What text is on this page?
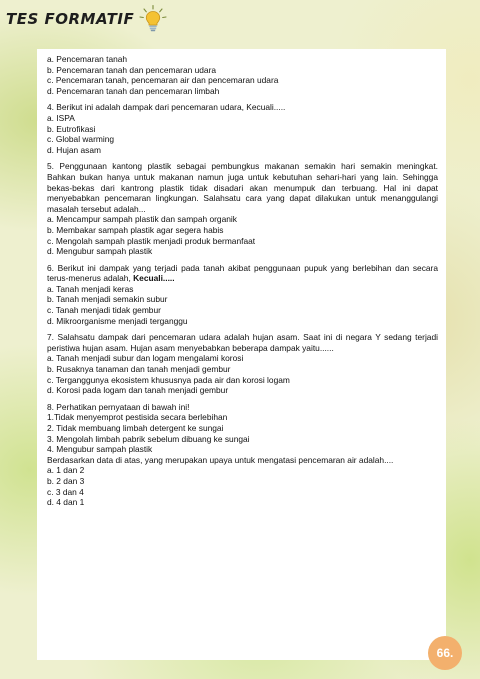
TES FORMATIF
a. Pencemaran tanah
b. Pencemaran tanah dan pencemaran udara
c. Pencemaran tanah, pencemaran air dan pencemaran udara
d. Pencemaran tanah dan pencemaran limbah
4. Berikut ini adalah dampak dari pencemaran udara, Kecuali.....
a. ISPA
b. Eutrofikasi
c. Global warming
d. Hujan asam
5. Penggunaan kantong plastik sebagai pembungkus makanan semakin hari semakin meningkat. Bahkan bukan hanya untuk makanan namun juga untuk kebutuhan sehari-hari yang lain. Sehingga bekas-bekas dari kantrong plastik tidak disadari akan menumpuk dan terbuang. Hal ini dapat menyebabkan pencemaran lingkungan. Salahsatu cara yang dapat dilakukan untuk menanggulangi masalah tersebut adalah...
a. Mencampur sampah plastik dan sampah organik
b. Membakar sampah plastik agar segera habis
c. Mengolah sampah plastik menjadi produk bermanfaat
d. Mengubur sampah plastik
6. Berikut ini dampak yang terjadi pada tanah akibat penggunaan pupuk yang berlebihan dan secara terus-menerus adalah, Kecuali.....
a. Tanah menjadi keras
b. Tanah menjadi semakin subur
c. Tanah menjadi tidak gembur
d. Mikroorganisme menjadi terganggu
7. Salahsatu dampak dari pencemaran udara adalah hujan asam. Saat ini di negara Y sedang terjadi peristiwa hujan asam. Hujan asam menyebabkan beberapa dampak yaitu......
a. Tanah menjadi subur dan logam mengalami korosi
b. Rusaknya tanaman dan tanah menjadi gembur
c. Terganggunya ekosistem khususnya pada air dan korosi logam
d. Korosi pada logam dan tanah menjadi gembur
8. Perhatikan pernyataan di bawah ini!
1.Tidak menyemprot pestisida secara berlebihan
2. Tidak membuang limbah detergent ke sungai
3. Mengolah limbah pabrik sebelum dibuang ke sungai
4. Mengubur sampah plastik
Berdasarkan data di atas, yang merupakan upaya untuk mengatasi pencemaran air adalah....
a. 1 dan 2
b. 2 dan 3
c. 3 dan 4
d. 4 dan 1
66.
